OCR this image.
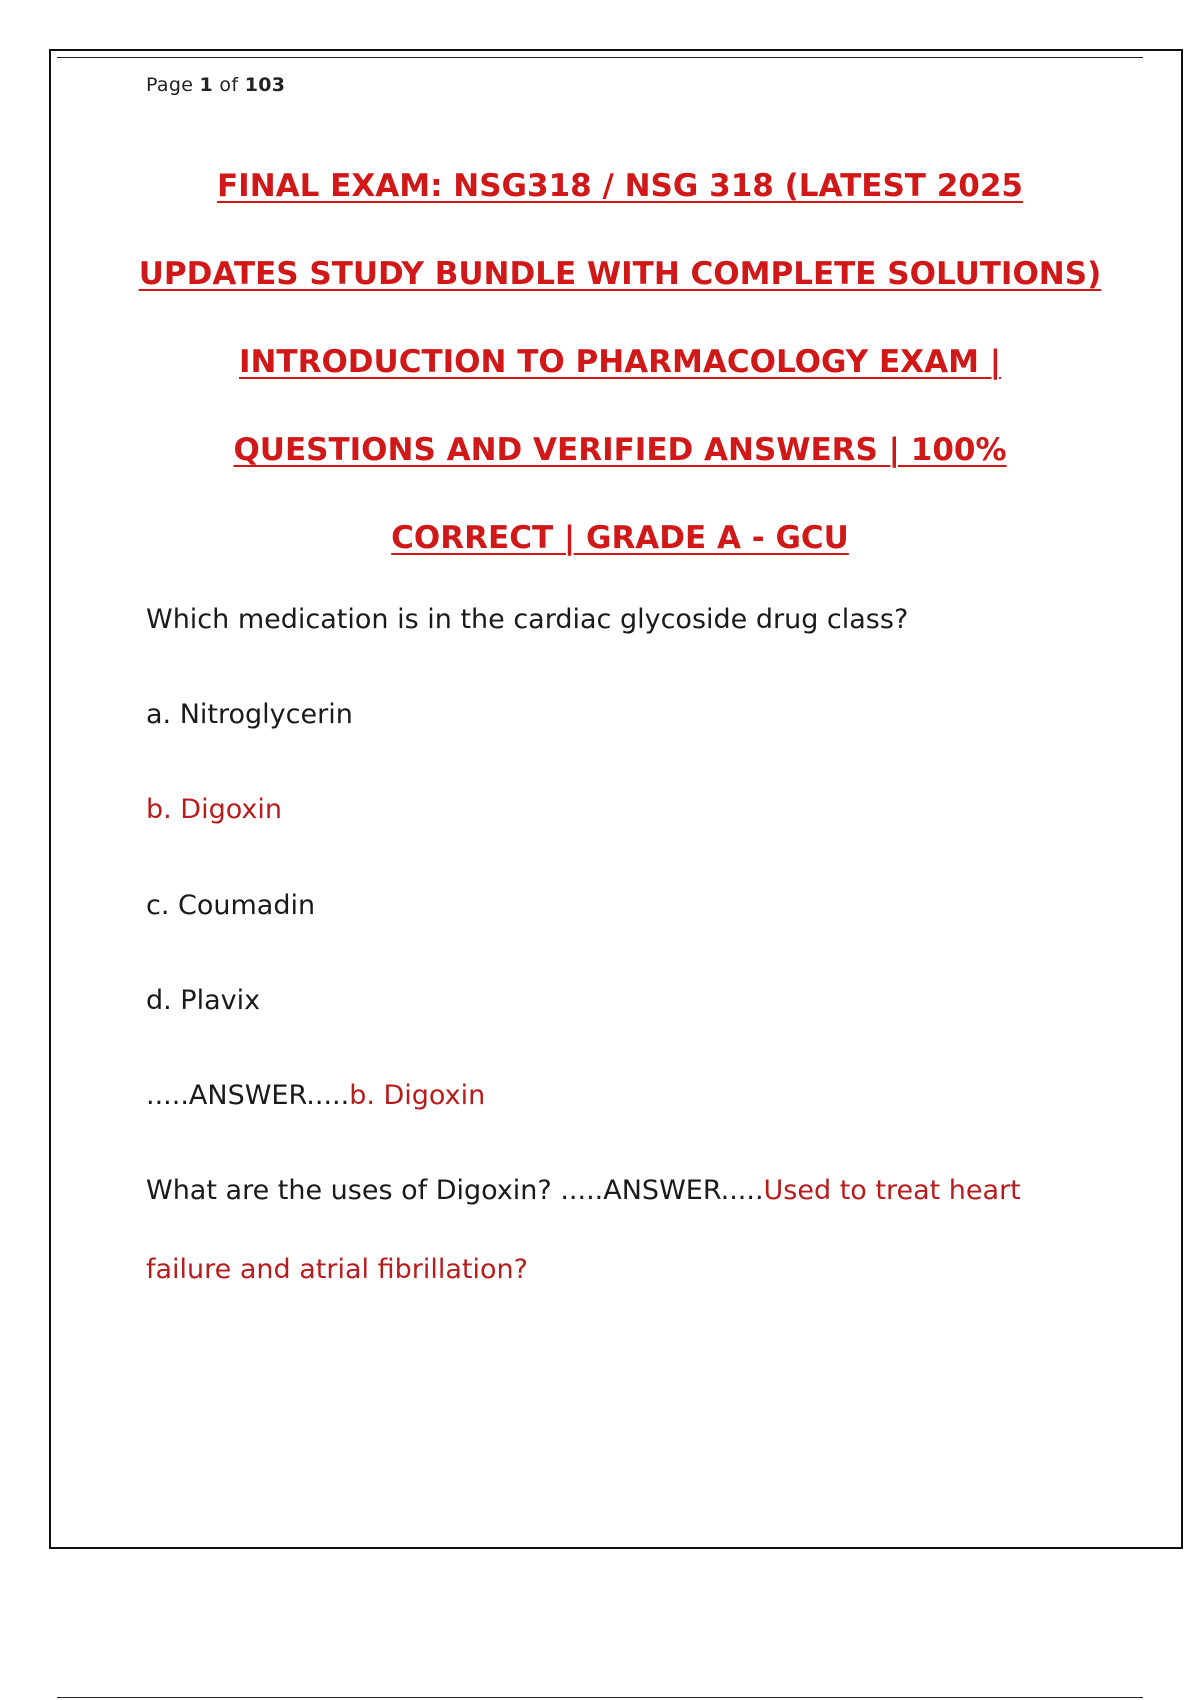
Page 1 of 103
FINAL EXAM: NSG318 / NSG 318 (LATEST 2025
UPDATES STUDY BUNDLE WITH COMPLETE SOLUTIONS)
INTRODUCTION TO PHARMACOLOGY EXAM |
QUESTIONS AND VERIFIED ANSWERS | 100%
CORRECT | GRADE A - GCU
Which medication is in the cardiac glycoside drug class?
a. Nitroglycerin
b. Digoxin
c. Coumadin
d. Plavix
.....ANSWER.....b. Digoxin
What are the uses of Digoxin? .....ANSWER.....Used to treat heart
failure and atrial fibrillation?
